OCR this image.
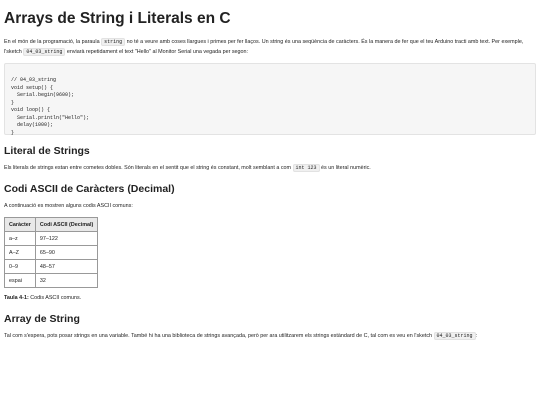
Arrays de String i Literals en C

En el món de la programació, la paraula string no té a veure amb coses llargues i primes per fer llaços. Un string és una seqüència de caràcters. És la manera de fer que el teu Arduino tracti amb text. Per exemple, l'sketch 04_03_string enviarà repetidament el text "Hello" al Monitor Serial una vegada per segon:

// 04_03_string
void setup() {
Serial.begin(9600);
}
void loop() {
Serial.println("Hello");
delay(1000);
}
Literal de Strings

Els literals de strings estan entre cometes dobles. Són literals en el sentit que el string és constant, molt semblant a com int 123 és un literal numèric.

Codi ASCII de Caràcters (Decimal)

A continuació es mostren alguns codis ASCII comuns:

Caràcter	Codi ASCII (Decimal)
a–z	97–122
A–Z	65–90
0–9	48–57
espai	32

Taula 4-1: Codis ASCII comuns.

Array de String

Tal com s'espera, pots posar strings en una variable. També hi ha una biblioteca de strings avançada, però per ara utilitzarem els strings estàndard de C, tal com es veu en l'sketch 04_03_string :
